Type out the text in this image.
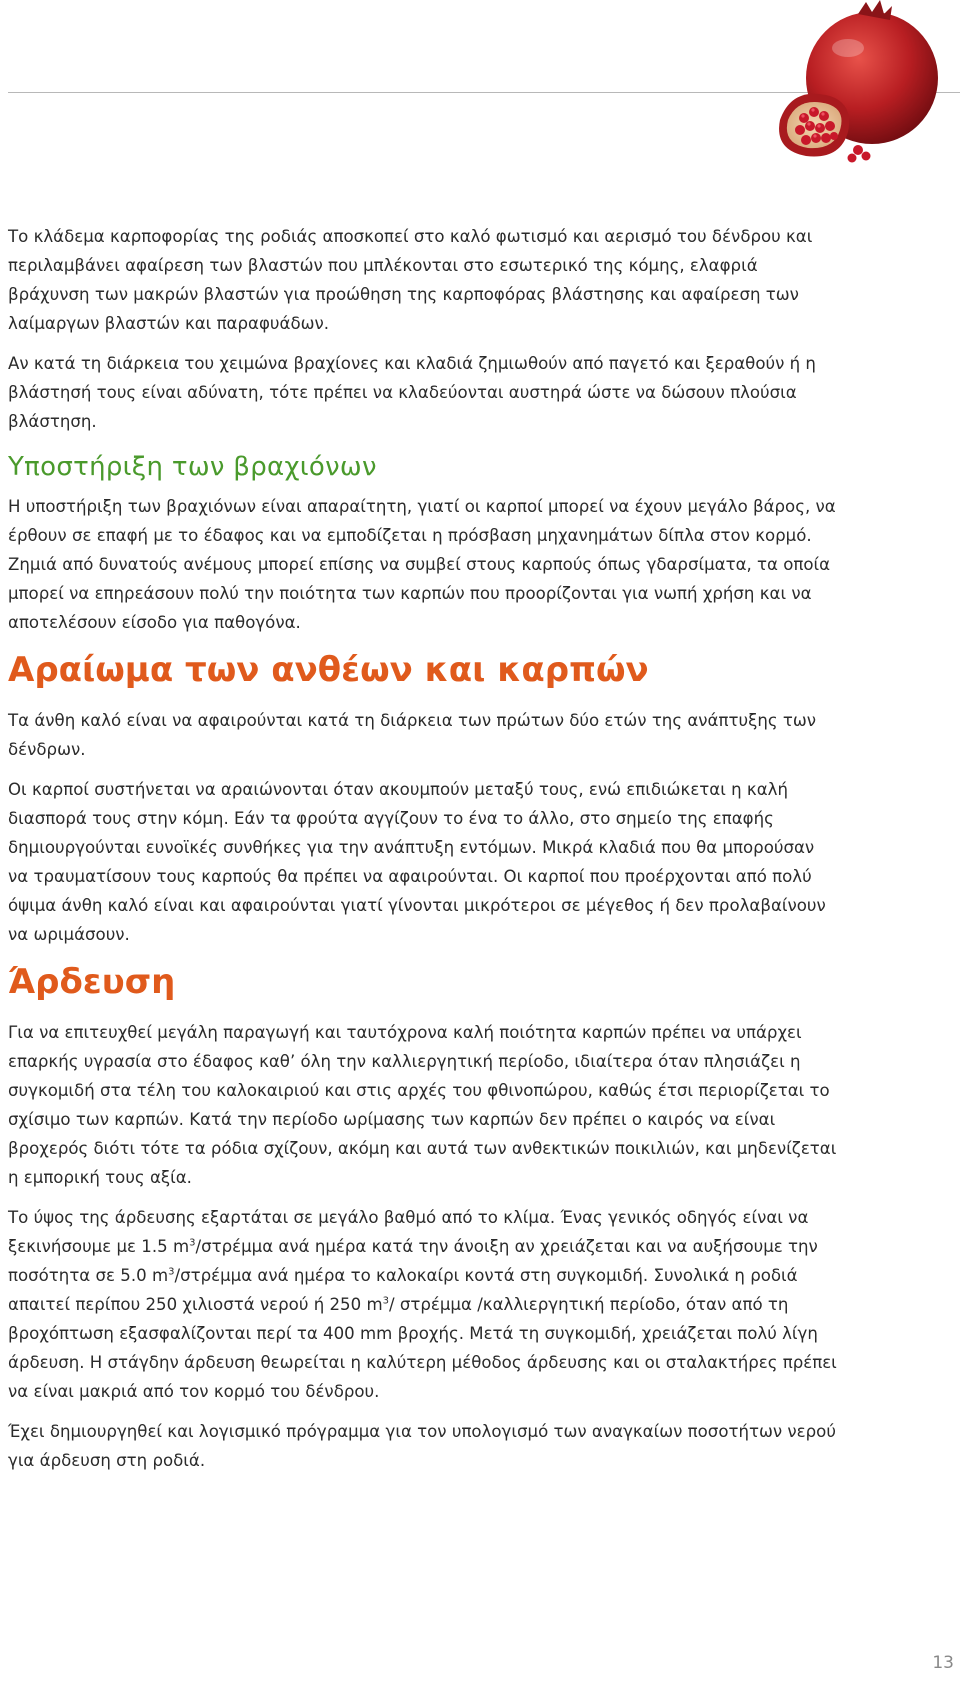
Το κλάδεμα καρποφορίας της ροδιάς αποσκοπεί στο καλό φωτισμό και αερισμό του δένδρου και περιλαμβάνει αφαίρεση των βλαστών που μπλέκονται στο εσωτερικό της κόμης, ελαφριά βράχυνση των μακρών βλαστών για προώθηση της καρποφόρας βλάστησης και αφαίρεση των λαίμαργων βλαστών και παραφυάδων.

Αν κατά τη διάρκεια του χειμώνα βραχίονες και κλαδιά ζημιωθούν από παγετό και ξεραθούν ή η βλάστησή τους είναι αδύνατη, τότε πρέπει να κλαδεύονται αυστηρά ώστε να δώσουν πλούσια βλάστηση.

Υποστήριξη των βραχιόνων

Η υποστήριξη των βραχιόνων είναι απαραίτητη, γιατί οι καρποί μπορεί να έχουν μεγάλο βάρος, να έρθουν σε επαφή με το έδαφος και να εμποδίζεται η πρόσβαση μηχανημάτων δίπλα στον κορμό. Ζημιά από δυνατούς ανέμους μπορεί επίσης να συμβεί στους καρπούς όπως γδαρσίματα, τα οποία μπορεί να επηρεάσουν πολύ την ποιότητα των καρπών που προορίζονται για νωπή χρήση και να αποτελέσουν είσοδο για παθογόνα.

Αραίωμα των ανθέων και καρπών

Τα άνθη καλό είναι να αφαιρούνται κατά τη διάρκεια των πρώτων δύο ετών της ανάπτυξης των δένδρων.

Οι καρποί συστήνεται να αραιώνονται όταν ακουμπούν μεταξύ τους, ενώ επιδιώκεται η καλή διασπορά τους στην κόμη. Εάν τα φρούτα αγγίζουν το ένα το άλλο, στο σημείο της επαφής δημιουργούνται ευνοϊκές συνθήκες για την ανάπτυξη εντόμων. Μικρά κλαδιά που θα μπορούσαν να τραυματίσουν τους καρπούς θα πρέπει να αφαιρούνται. Οι καρποί που προέρχονται από πολύ όψιμα άνθη καλό είναι και αφαιρούνται γιατί γίνονται μικρότεροι σε μέγεθος ή δεν προλαβαίνουν να ωριμάσουν.

Άρδευση

Για να επιτευχθεί μεγάλη παραγωγή και ταυτόχρονα καλή ποιότητα καρπών πρέπει να υπάρχει επαρκής υγρασία στο έδαφος καθ’ όλη την καλλιεργητική περίοδο, ιδιαίτερα όταν πλησιάζει η συγκομιδή στα τέλη του καλοκαιριού και στις αρχές του φθινοπώρου, καθώς έτσι περιορίζεται το σχίσιμο των καρπών. Κατά την περίοδο ωρίμασης των καρπών δεν πρέπει ο καιρός να είναι βροχερός διότι τότε τα ρόδια σχίζουν, ακόμη και αυτά των ανθεκτικών ποικιλιών, και μηδενίζεται η εμπορική τους αξία.

Το ύψος της άρδευσης εξαρτάται σε μεγάλο βαθμό από το κλίμα. Ένας γενικός οδηγός είναι να ξεκινήσουμε με 1.5 $m^3$/στρέμμα ανά ημέρα κατά την άνοιξη αν χρειάζεται και να αυξήσουμε την ποσότητα σε 5.0 $m^3$/στρέμμα ανά ημέρα το καλοκαίρι κοντά στη συγκομιδή. Συνολικά η ροδιά απαιτεί περίπου 250 χιλιοστά νερού ή 250 $m^3/$ στρέμμα /καλλιεργητική περίοδο, όταν από τη βροχόπτωση εξασφαλίζονται περί τα 400 mm βροχής. Μετά τη συγκομιδή, χρειάζεται πολύ λίγη άρδευση. Η στάγδην άρδευση θεωρείται η καλύτερη μέθοδος άρδευσης και οι σταλακτήρες πρέπει να είναι μακριά από τον κορμό του δένδρου.

Έχει δημιουργηθεί και λογισμικό πρόγραμμα για τον υπολογισμό των αναγκαίων ποσοτήτων νερού για άρδευση στη ροδιά.

13
